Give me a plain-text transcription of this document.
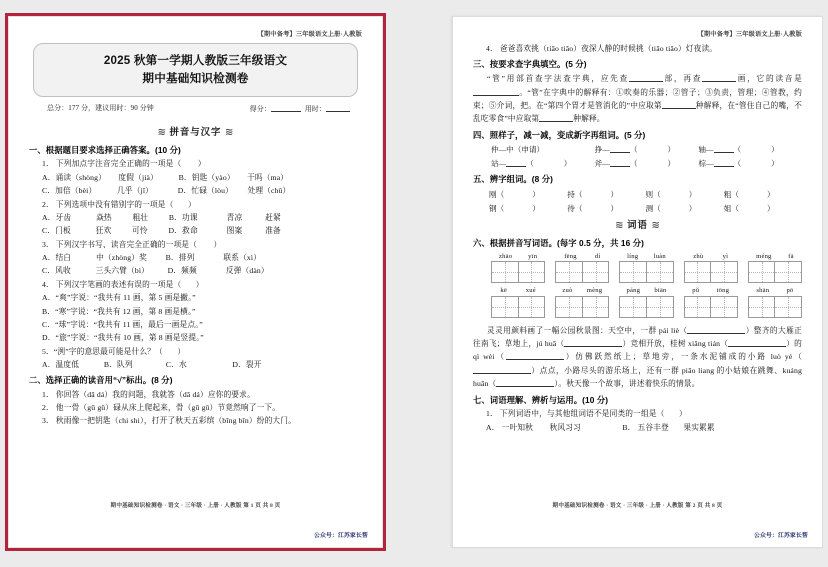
【期中备考】三年级语文上册·人教版
2025 秋第一学期人教版三年级语文
期中基础知识检测卷
总分：177 分，建议用时：90 分钟	得分：	用时：
≋ 拼音与汉字 ≋
一、根据题目要求选择正确答案。(10 分)
1． 下列加点字注音完全正确的一项是（        ）
A．诵读（shòng）      度假（jià）          B．钥匙（yào）      干吗（ma）
C．加倍（bèi）          几乎（jī）            D．忙碌（lòu）       处理（chǔ）
2． 下列选项中没有错别字的一项是（       ）
A．牙齿            焱热          粗壮          B．功课              青凉           赶紧
C．门板            狂欢          可怜          D．救命              图案           准备
3． 下列汉字书写、读音完全正确的一项是（        ）
A．结白            中（zhòng）奖         B．排列              联系（xì）
C．风收            三头六臂（bì）         D．频频              反弹（dàn）
4． 下列汉字笔画的表述有误的一项是（       ）
A．“爽”字说：“我共有 11 画，第 5 画是撇。”
B．“寒”字说：“我共有 12 画，第 8 画是横。”
C．“球”字说：“我共有 11 画，最后一画是点。”
D．“旅”字说：“我共有 10 画，第 8 画是竖提。”
5．“洌”字的意思最可能是什么？（       ）
A．温度低            B．队列                C．水                      D．裂开
二、选择正确的读音用“√”标出。(8 分)
1． 你回答（dā dá）我的问题，我就答（dā dá）应你的要求。
2． 他一骨（gū gǔ）碌从床上爬起来，骨（gū gǔ）节竟然响了一下。
3． 秋雨像一把钥匙（chi shi），打开了秋天五彩缤（bīng bīn）纷的大门。
期中基础知识检测卷 · 语文 · 三年级 · 上册 · 人教版 第 1 页 共 8 页
公众号：江苏家长帮
【期中备考】三年级语文上册·人教版
4． 爸爸喜欢挑（tiāo tiǎo）夜深人静的时候挑（tiāo tiǎo）灯夜读。
三、按要求查字典填空。(5 分)
“管”用部首查字法查字典，应先查	部，再查	画，它的读音是。“管”在字典中的解释有：①吹奏的乐器；②管子；③负责，管理；④管教，约束；⑤介词，把。在“第四个胃才是管消化的”中应取第	种解释，在“管住自己的嘴，不乱吃零食”中应取第	种解释。
四、照样子，减一减，变成新字再组词。(5 分)
仲—中（申请）	挣—	（	）	轴—	（	）
站—	（	）	斧—	（	）	棕—	（	）
五、辨字组词。(8 分)
刚（	）	持（	）	则（	）	粗（	）
钢（	）	待（	）	测（	）	姐（	）
≋ 词语 ≋
六、根据拼音写词语。(每字 0.5 分，共 16 分)
zhāo yīn	fēng	dí	líng luàn	zhù	yì	méng	fā
kē	xué	zuò mèng	páng biān	pǔ	tōng	shān	pō
灵灵用颜料画了一幅公园秋景图：天空中，一群 pái liè（	）整齐的大雁正往南飞；草地上，jú huā（	）竞相开放，桂树 xiāng tián（	）的 qì wèi（	）仿佛跃然纸上；草地旁，一条水泥铺成的小路 luò yè（）点点，小路尽头的游乐场上，还有一群 piāo liang 的小姑娘在跳舞、kuáng huān（	）。秋天像一个故事，讲述着快乐的情景。
七、词语理解、辨析与运用。(10 分)
1． 下列词语中，与其他组词语不是同类的一组是（       ）
A． 一叶知秋        秋风习习                    B． 五谷丰登       果实累累
期中基础知识检测卷 · 语文 · 三年级 · 上册 · 人教版 第 2 页 共 8 页
公众号：江苏家长帮
